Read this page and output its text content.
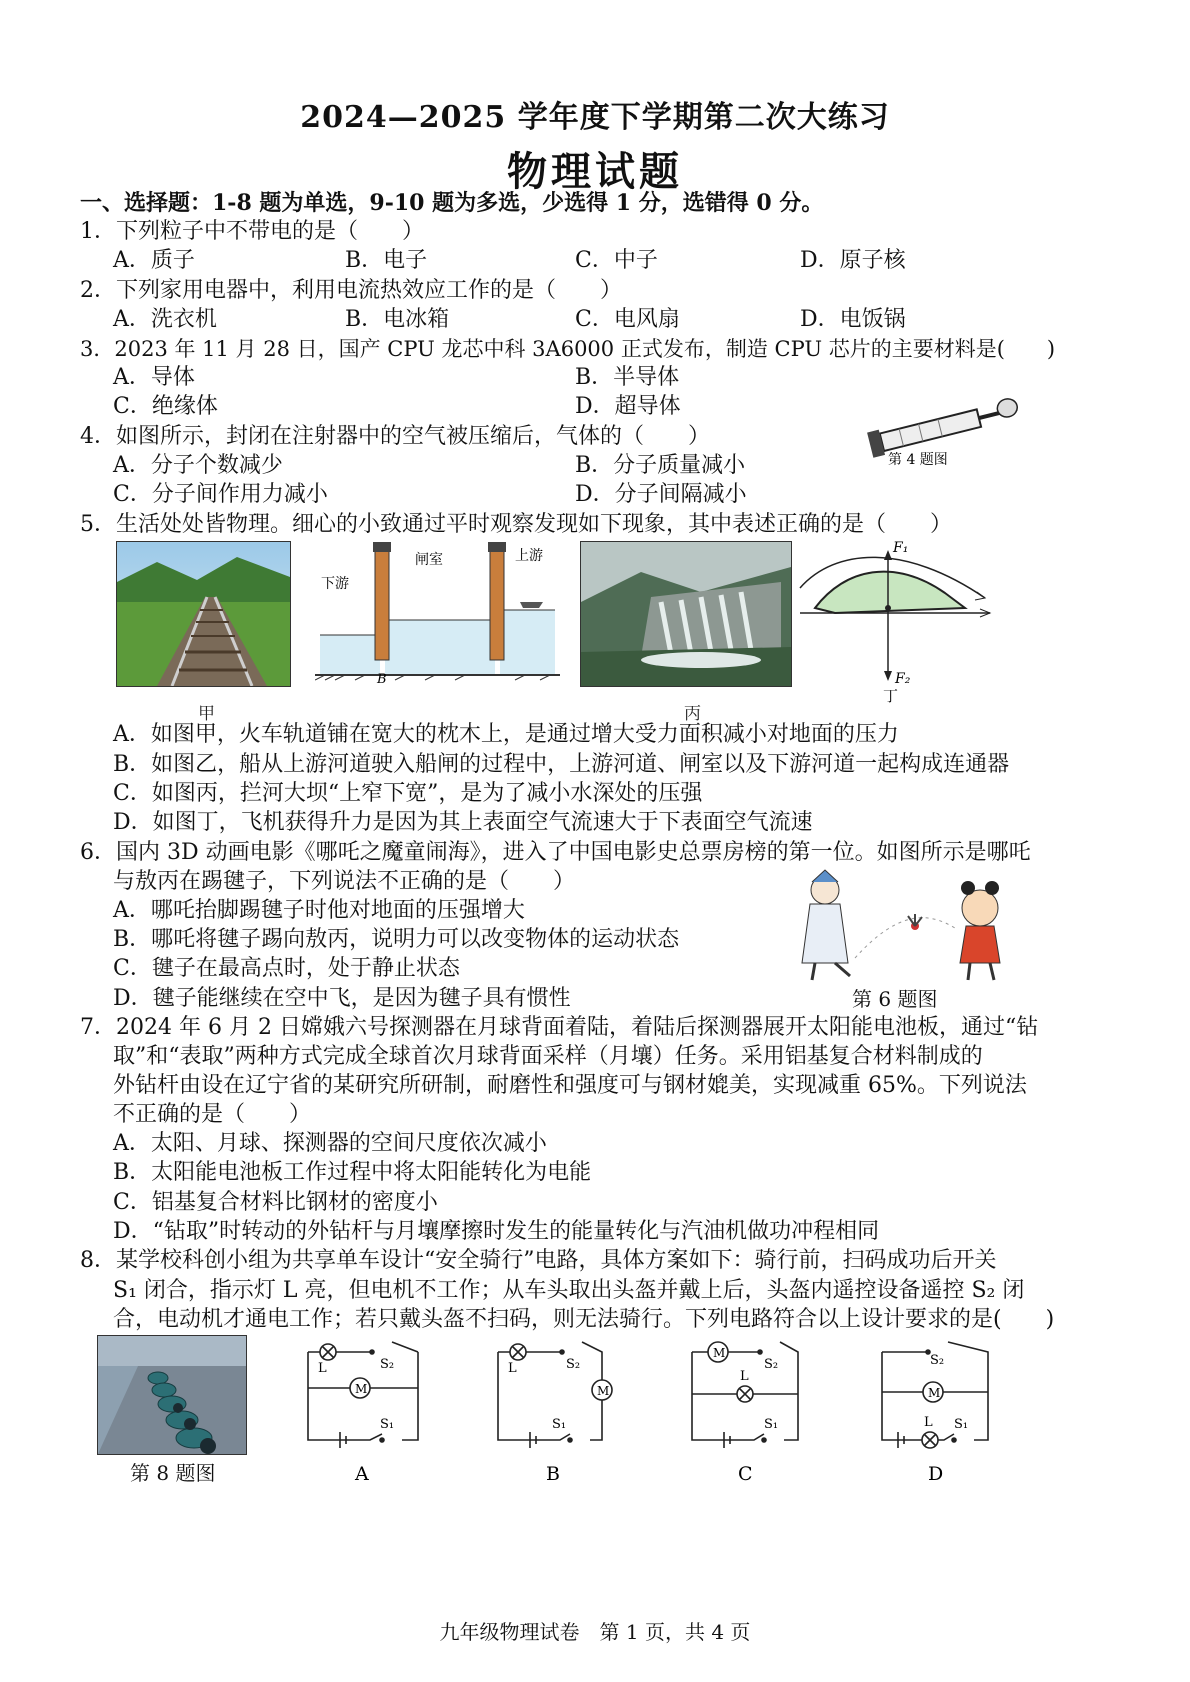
2024—2025 学年度下学期第二次大练习
物理试题
一、选择题：1-8 题为单选，9-10 题为多选，少选得 1 分，选错得 0 分。
1．下列粒子中不带电的是（　　）
A．质子	B．电子	C．中子	D．原子核
2．下列家用电器中，利用电流热效应工作的是（　　）
A．洗衣机	B．电冰箱	C．电风扇	D．电饭锅
3．2023 年 11 月 28 日，国产 CPU 龙芯中科 3A6000 正式发布，制造 CPU 芯片的主要材料是(　　)
A．导体	B．半导体
C．绝缘体	D．超导体
4．如图所示，封闭在注射器中的空气被压缩后，气体的（　　）
A．分子个数减少	B．分子质量减小
C．分子间作用力减小	D．分子间隔减小
第 4 题图
5．生活处处皆物理。细心的小致通过平时观察发现如下现象，其中表述正确的是（　　）
甲
下游
闸室	上游
B
丙
F₁
F₂
丁
A．如图甲，火车轨道铺在宽大的枕木上，是通过增大受力面积减小对地面的压力
B．如图乙，船从上游河道驶入船闸的过程中，上游河道、闸室以及下游河道一起构成连通器
C．如图丙，拦河大坝“上窄下宽”，是为了减小水深处的压强
D．如图丁，飞机获得升力是因为其上表面空气流速大于下表面空气流速
6．国内 3D 动画电影《哪吒之魔童闹海》，进入了中国电影史总票房榜的第一位。如图所示是哪吒
与敖丙在踢毽子，下列说法不正确的是（　　）
A．哪吒抬脚踢毽子时他对地面的压强增大
B．哪吒将毽子踢向敖丙，说明力可以改变物体的运动状态
C．毽子在最高点时，处于静止状态
D．毽子能继续在空中飞，是因为毽子具有惯性	第 6 题图
7．2024 年 6 月 2 日嫦娥六号探测器在月球背面着陆，着陆后探测器展开太阳能电池板，通过“钻
取”和“表取”两种方式完成全球首次月球背面采样（月壤）任务。采用铝基复合材料制成的
外钻杆由设在辽宁省的某研究所研制，耐磨性和强度可与钢材媲美，实现减重 65%。下列说法
不正确的是（　　）
A．太阳、月球、探测器的空间尺度依次减小
B．太阳能电池板工作过程中将太阳能转化为电能
C．铝基复合材料比钢材的密度小
D．“钻取”时转动的外钻杆与月壤摩擦时发生的能量转化与汽油机做功冲程相同
8．某学校科创小组为共享单车设计“安全骑行”电路，具体方案如下：骑行前，扫码成功后开关
S₁ 闭合，指示灯 L 亮，但电机不工作；从车头取出头盔并戴上后，头盔内遥控设备遥控 S₂ 闭
合，电动机才通电工作；若只戴头盔不扫码，则无法骑行。下列电路符合以上设计要求的是(　　)
第 8 题图
M
L	S₂
S₁
A
M
L	S₂
S₁
B
M
L
S₂
S₁
C
M
L
S₂
S₁
D
九年级物理试卷　第 1 页，共 4 页
